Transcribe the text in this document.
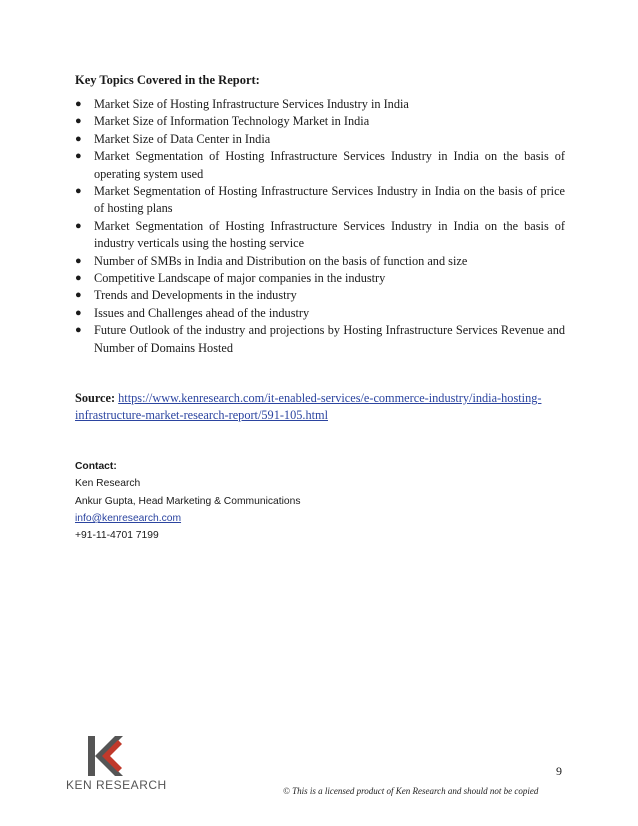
Key Topics Covered in the Report:
● Market Size of Hosting Infrastructure Services Industry in India
● Market Size of Information Technology Market in India
● Market Size of Data Center in India
● Market Segmentation of Hosting Infrastructure Services Industry in India on the basis of operating system used
● Market Segmentation of Hosting Infrastructure Services Industry in India on the basis of price of hosting plans
● Market Segmentation of Hosting Infrastructure Services Industry in India on the basis of industry verticals using the hosting service
● Number of SMBs in India and Distribution on the basis of function and size
● Competitive Landscape of major companies in the industry
● Trends and Developments in the industry
● Issues and Challenges ahead of the industry
● Future Outlook of the industry and projections by Hosting Infrastructure Services Revenue and Number of Domains Hosted
Source: https://www.kenresearch.com/it-enabled-services/e-commerce-industry/india-hosting-infrastructure-market-research-report/591-105.html
Contact:
Ken Research
Ankur Gupta, Head Marketing & Communications
info@kenresearch.com
+91-11-4701 7199
9
KEN RESEARCH	© This is a licensed product of Ken Research and should not be copied
